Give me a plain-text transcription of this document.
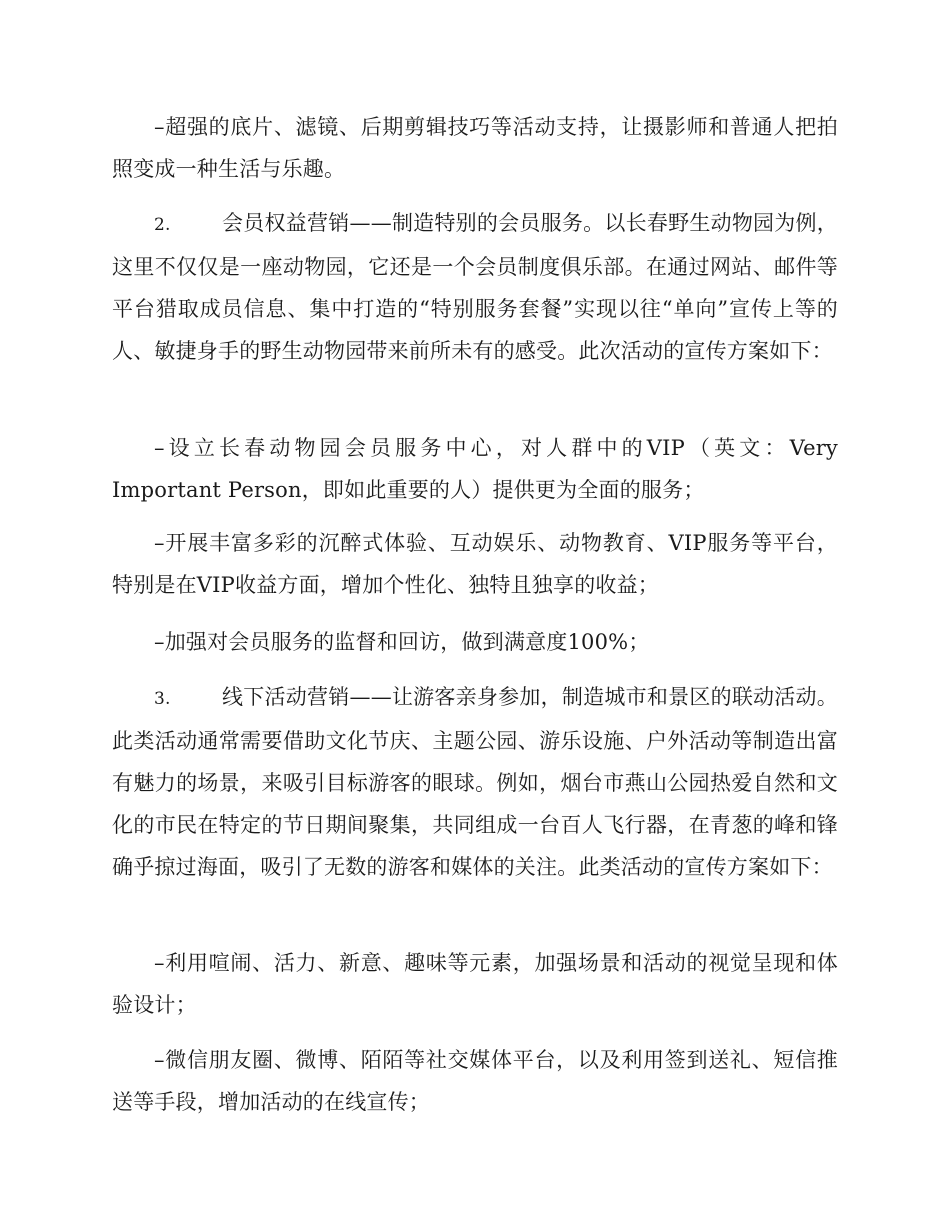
–超强的底片、滤镜、后期剪辑技巧等活动支持，让摄影师和普通人把拍照变成一种生活与乐趣。

2. 会员权益营销——制造特别的会员服务。以长春野生动物园为例，这里不仅仅是一座动物园，它还是一个会员制度俱乐部。在通过网站、邮件等平台猎取成员信息、集中打造的“特别服务套餐”实现以往“单向”宣传上等的人、敏捷身手的野生动物园带来前所未有的感受。此次活动的宣传方案如下：

–设立长春动物园会员服务中心，对人群中的VIP（英文：Very Important Person，即如此重要的人）提供更为全面的服务；

–开展丰富多彩的沉醉式体验、互动娱乐、动物教育、VIP服务等平台，特别是在VIP收益方面，增加个性化、独特且独享的收益；

–加强对会员服务的监督和回访，做到满意度100%；

3. 线下活动营销——让游客亲身参加，制造城市和景区的联动活动。此类活动通常需要借助文化节庆、主题公园、游乐设施、户外活动等制造出富有魅力的场景，来吸引目标游客的眼球。例如，烟台市燕山公园热爱自然和文化的市民在特定的节日期间聚集，共同组成一台百人飞行器，在青葱的峰和锋确乎掠过海面，吸引了无数的游客和媒体的关注。此类活动的宣传方案如下：

–利用喧闹、活力、新意、趣味等元素，加强场景和活动的视觉呈现和体验设计；

–微信朋友圈、微博、陌陌等社交媒体平台，以及利用签到送礼、短信推送等手段，增加活动的在线宣传；
